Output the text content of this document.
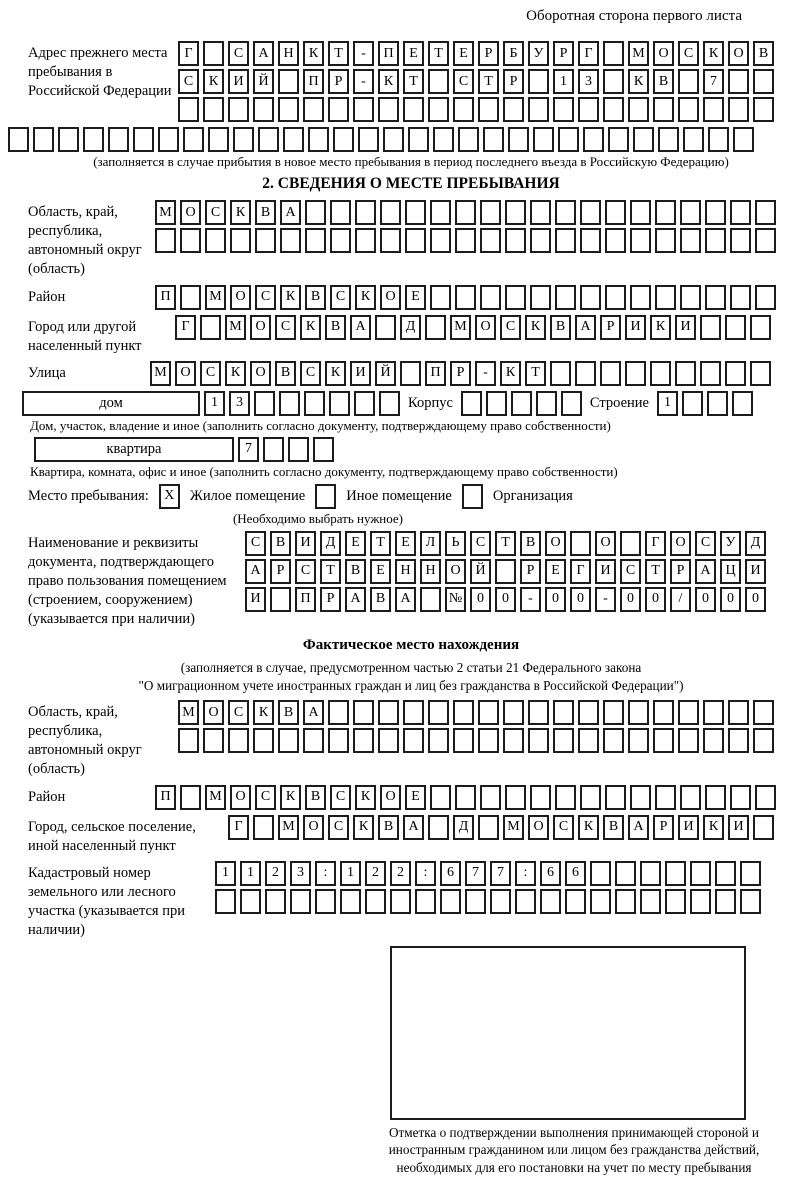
Оборотная сторона первого листа
Адрес прежнего места пребывания в Российской Федерации
Г	С	А	Н	К	Т	-	П	Е	Т	Е	Р	Б	У	Р	Г	М О	С	К	О	В
С	К	И	Й	П	Р	-	К	Т	С	Т	Р	1	3	К	В	7
(заполняется в случае прибытия в новое место пребывания в период последнего въезда в Российскую Федерацию)
2. СВЕДЕНИЯ О МЕСТЕ ПРЕБЫВАНИЯ
Область, край, республика, автономный округ (область)
М О	С	К	В	А
Район	П	М О	С	К	В	С	К	О	Е
Город или другой населенный пункт
Г	М О	С	К	В	А	Д	М О	С	К	В	А	Р	И	К	И
Улица	М О	С	К	О	В	С	К	И	Й	П	Р	-	К	Т
дом	1	3	Корпус	Строение	1
Дом, участок, владение и иное (заполнить согласно документу, подтверждающему право собственности)
квартира	7
Квартира, комната, офис и иное (заполнить согласно документу, подтверждающему право собственности)
Место пребывания:	X	Жилое помещение	Иное помещение	Организация
(Необходимо выбрать нужное)
Наименование и реквизиты документа, подтверждающего право пользования помещением (строением, сооружением) (указывается при наличии)
С	В	И	Д	Е	Т	Е	Л	Ь	С	Т	В	О	О	Г	О	С	У	Д
А	Р	С	Т	В	Е	Н	Н	О	Й	Р	Е	Г	И	С	Т	Р	А	Ц	И
И	П	Р	А	В	А	№	0	0	-	0	0	-	0	0	/	0	0	0
Фактическое место нахождения
(заполняется в случае, предусмотренном частью 2 статьи 21 Федерального закона
"О миграционном учете иностранных граждан и лиц без гражданства в Российской Федерации")
Область, край, республика, автономный округ (область)
М О	С	К	В	А
Район	П	М О	С	К	В	С	К	О	Е
Город, сельское поселение, иной населенный пункт
Г	М О	С	К	В	А	Д	М О	С	К	В	А	Р	И	К	И
Кадастровый номер земельного или лесного участка (указывается при наличии)
1	1	2	3	:	1	2	2	:	6	7	7	:	6	6
Отметка о подтверждении выполнения принимающей стороной и иностранным гражданином или лицом без гражданства действий, необходимых для его постановки на учет по месту пребывания
